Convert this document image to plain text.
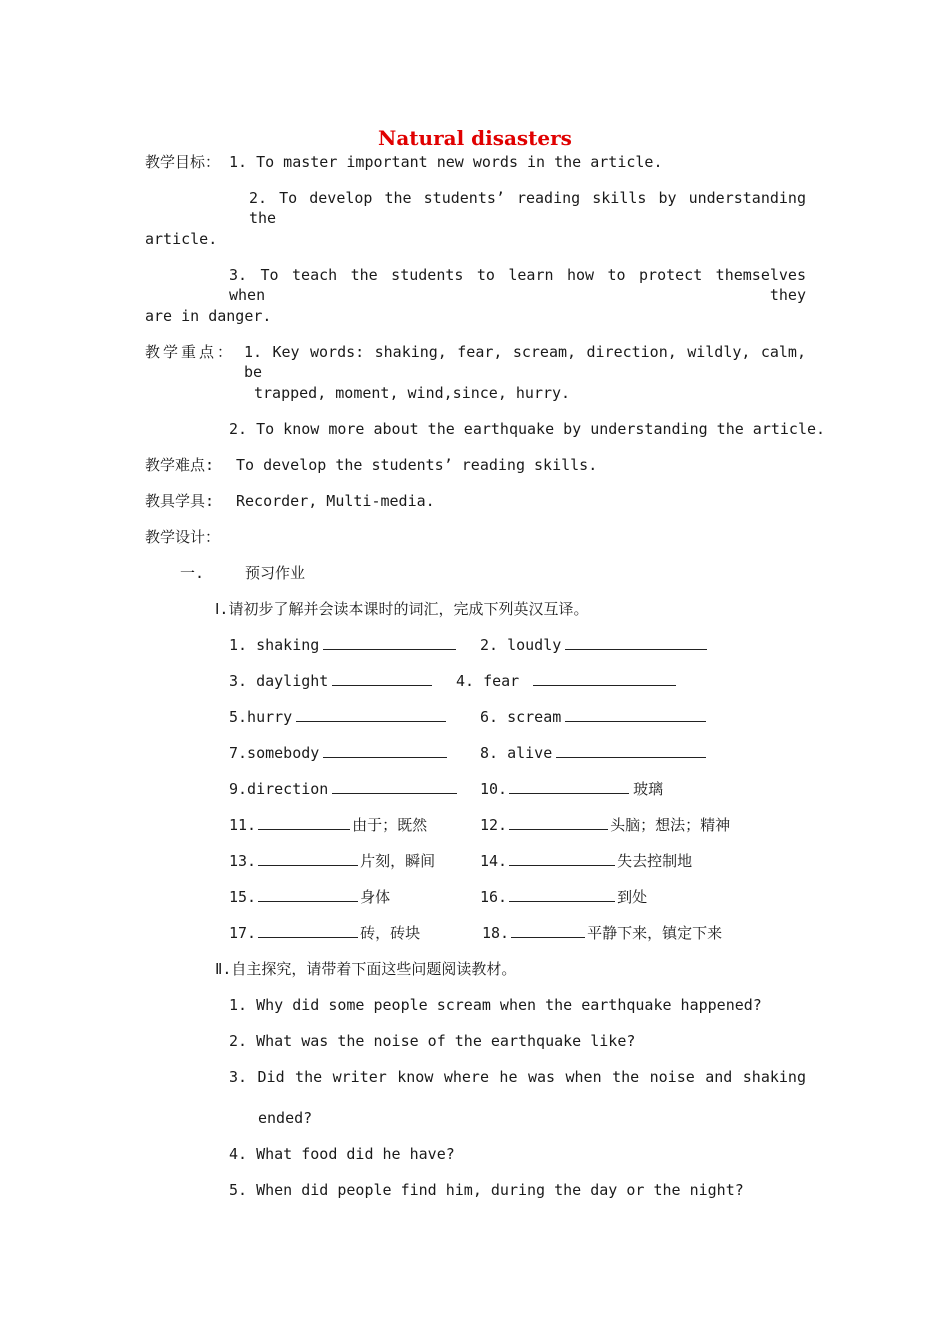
Natural disasters
教学目标： 1. To master important new words in the article.
2. To develop the students’ reading skills by understanding the
article.
3. To teach the students to learn how to protect themselves when they
are in danger.
教学重点： 1. Key words: shaking, fear, scream, direction, wildly, calm, be
trapped, moment, wind,since, hurry.
2. To know more about the earthquake by understanding the article.
教学难点: To develop the students’ reading skills.
教具学具: Recorder, Multi-media.
教学设计：
一.	预习作业
Ⅰ.请初步了解并会读本课时的词汇，完成下列英汉互译。
1. shaking	2. loudly
3. daylight	4. fear
5.hurry	6. scream
7.somebody	8. alive
9.direction	10.	玻璃
11.	由于；既然	12.	头脑；想法；精神
13.	片刻，瞬间	14.	失去控制地
15.	身体	16.	到处
17.	砖，砖块	18.	平静下来，镇定下来
Ⅱ.自主探究，请带着下面这些问题阅读教材。
1. Why did some people scream when the earthquake happened?
2. What was the noise of the earthquake like?
3. Did the writer know where he was when the noise and shaking
ended?
4. What food did he have?
5. When did people find him, during the day or the night?
